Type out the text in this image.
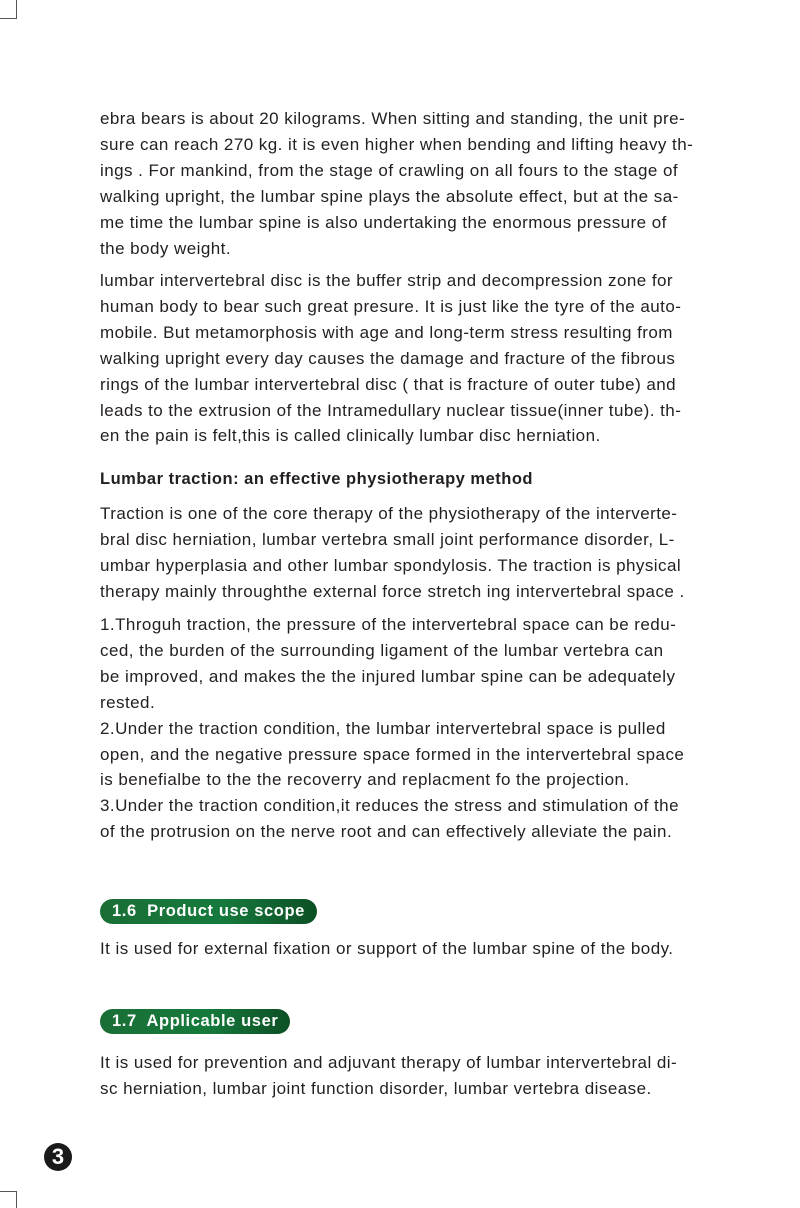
ebra bears is about 20 kilograms. When sitting and standing, the unit pre-
sure can reach 270 kg. it is even higher when bending and lifting heavy th-
ings . For mankind, from the stage of crawling on all fours to the stage of
walking upright, the lumbar spine plays the absolute effect, but at the sa-
me time the lumbar spine is also undertaking the enormous pressure of
the body weight.

lumbar intervertebral disc is the buffer strip and decompression zone for
human body to bear such great presure. It is just like the tyre of the auto-
mobile. But metamorphosis with age and long-term stress resulting from
walking upright every day causes the damage and fracture of the fibrous
rings of the lumbar intervertebral disc ( that is fracture of outer tube) and
leads to the extrusion of the Intramedullary nuclear tissue(inner tube). th-
en the pain is felt,this is called clinically lumbar disc herniation.

Lumbar traction: an effective physiotherapy method

Traction is one of the core therapy of the physiotherapy of the interverte-
bral disc herniation, lumbar vertebra small joint performance disorder, L-
umbar hyperplasia and other lumbar spondylosis. The traction is physical
therapy mainly throughthe external force stretch ing intervertebral space .

1.Throguh traction, the pressure of the intervertebral space can be redu-
ced, the burden of the surrounding ligament of the lumbar vertebra can
be improved, and makes the the injured lumbar spine can be adequately
rested.
2.Under the traction condition, the lumbar intervertebral space is pulled
open, and the negative pressure space formed in the intervertebral space
is benefialbe to the the recoverry and replacment fo the projection.
3.Under the traction condition,it reduces the stress and stimulation of the
of the protrusion on the nerve root and can effectively alleviate the pain.

1.6  Product use scope

It is used for external fixation or support of the lumbar spine of the body.

1.7  Applicable user

It is used for prevention and adjuvant therapy of lumbar intervertebral di-
sc herniation, lumbar joint function disorder, lumbar vertebra disease.

3
